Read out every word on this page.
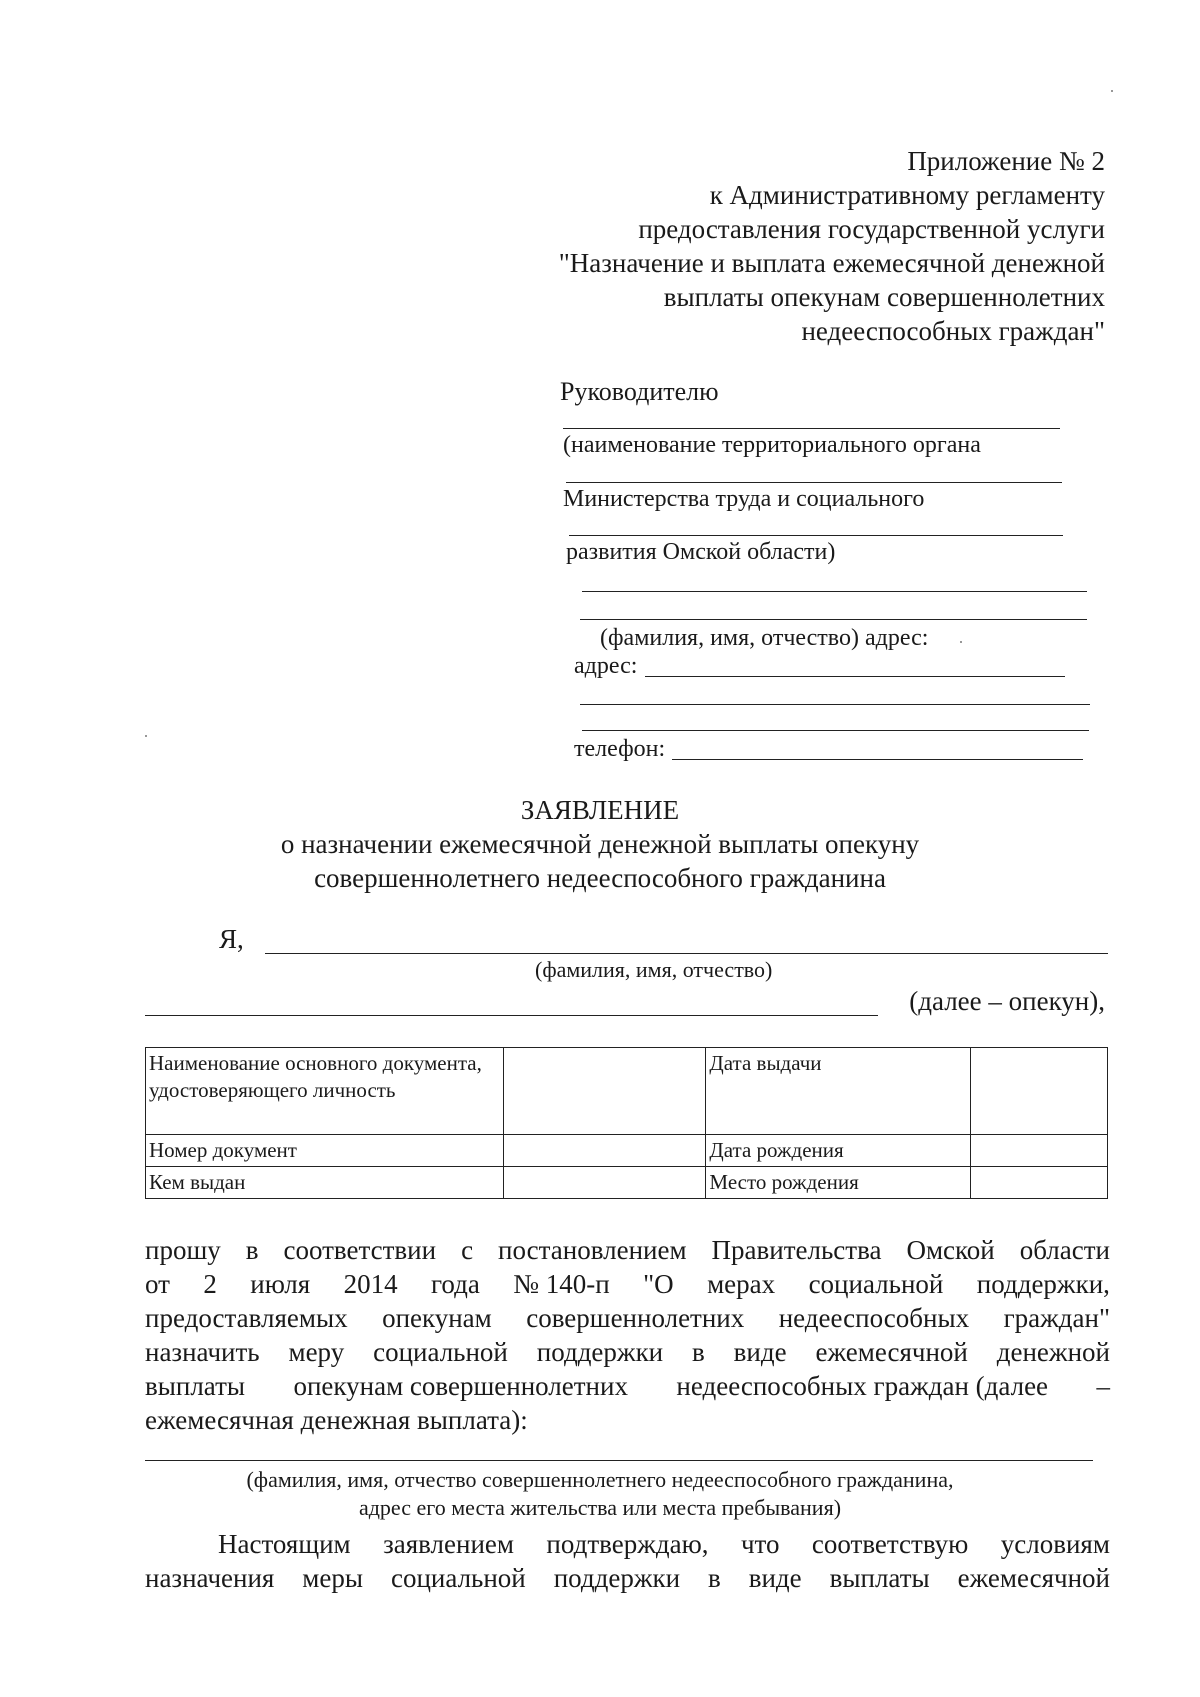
Приложение № 2
к Административному регламенту
предоставления государственной услуги
"Назначение и выплата ежемесячной денежной
выплаты опекунам совершеннолетних
недееспособных граждан"
Руководителю
(наименование территориального органа
Министерства труда и социального
развития Омской области)
(фамилия, имя, отчество) адрес:
адрес:
телефон:
ЗАЯВЛЕНИЕ
о назначении ежемесячной денежной выплаты опекуну
совершеннолетнего недееспособного гражданина
Я,
(фамилия, имя, отчество)
(далее – опекун),
Наименование основного документа, удостоверяющего личность		Дата выдачи	
Номер документ		Дата рождения	
Кем выдан		Место рождения	
прошу в соответствии с постановлением Правительства Омской области
от 2 июля 2014 года № 140-п "О мерах социальной поддержки,
предоставляемых опекунам совершеннолетних недееспособных граждан"
назначить меру социальной поддержки в виде ежемесячной денежной
выплаты опекунам совершеннолетних недееспособных граждан (далее –
ежемесячная денежная выплата):
(фамилия, имя, отчество совершеннолетнего недееспособного гражданина,
адрес его места жительства или места пребывания)
Настоящим заявлением подтверждаю, что соответствую условиям
назначения меры социальной поддержки в виде выплаты ежемесячной
